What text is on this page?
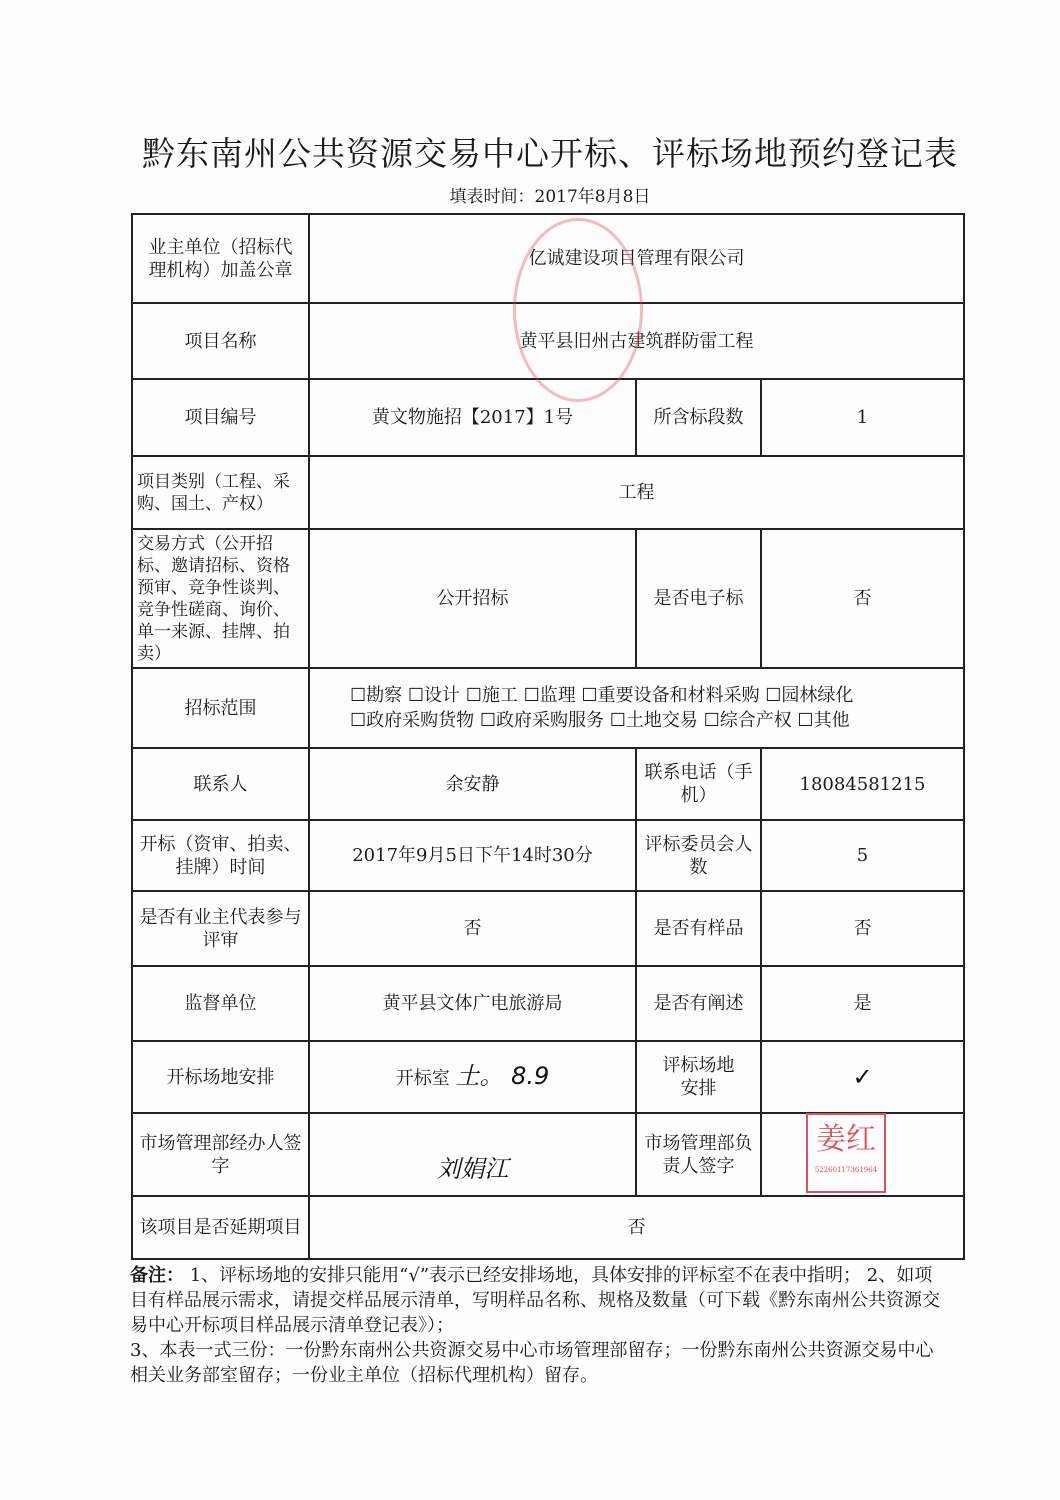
黔东南州公共资源交易中心开标、评标场地预约登记表
填表时间：2017年8月8日
业主单位（招标代理机构）加盖公章	亿诚建设项目管理有限公司		
项目名称	黄平县旧州古建筑群防雷工程		
项目编号	黄文物施招【2017】1号	所含标段数	1
项目类别（工程、采购、国土、产权）	工程		
交易方式（公开招标、邀请招标、资格预审、竞争性谈判、竞争性磋商、询价、单一来源、挂牌、拍卖）	公开招标	是否电子标	否
招标范围	☐勘察 ☐设计 ☐施工 ☐监理 ☐重要设备和材料采购 ☐园林绿化
☐政府采购货物 ☐政府采购服务 ☐土地交易 ☐综合产权 ☐其他		

联系人	余安静	联系电话（手机）	18084581215
开标（资审、拍卖、挂牌）时间	2017年9月5日下午14时30分	评标委员会人数	5
是否有业主代表参与评审	否	是否有样品	否
监督单位	黄平县文体广电旅游局	是否有阐述	是
开标场地安排	开标室 土。 8.9	评标场地安排	✓
市场管理部经办人签字	刘娟江	市场管理部负责人签字	
该项目是否延期项目	否		
姜红
52260117361964
备注： 1、评标场地的安排只能用“√”表示已经安排场地，具体安排的评标室不在表中指明； 2、如项目有样品展示需求，请提交样品展示清单，写明样品名称、规格及数量（可下载《黔东南州公共资源交易中心开标项目样品展示清单登记表》）；
3、本表一式三份：一份黔东南州公共资源交易中心市场管理部留存；一份黔东南州公共资源交易中心相关业务部室留存；一份业主单位（招标代理机构）留存。
